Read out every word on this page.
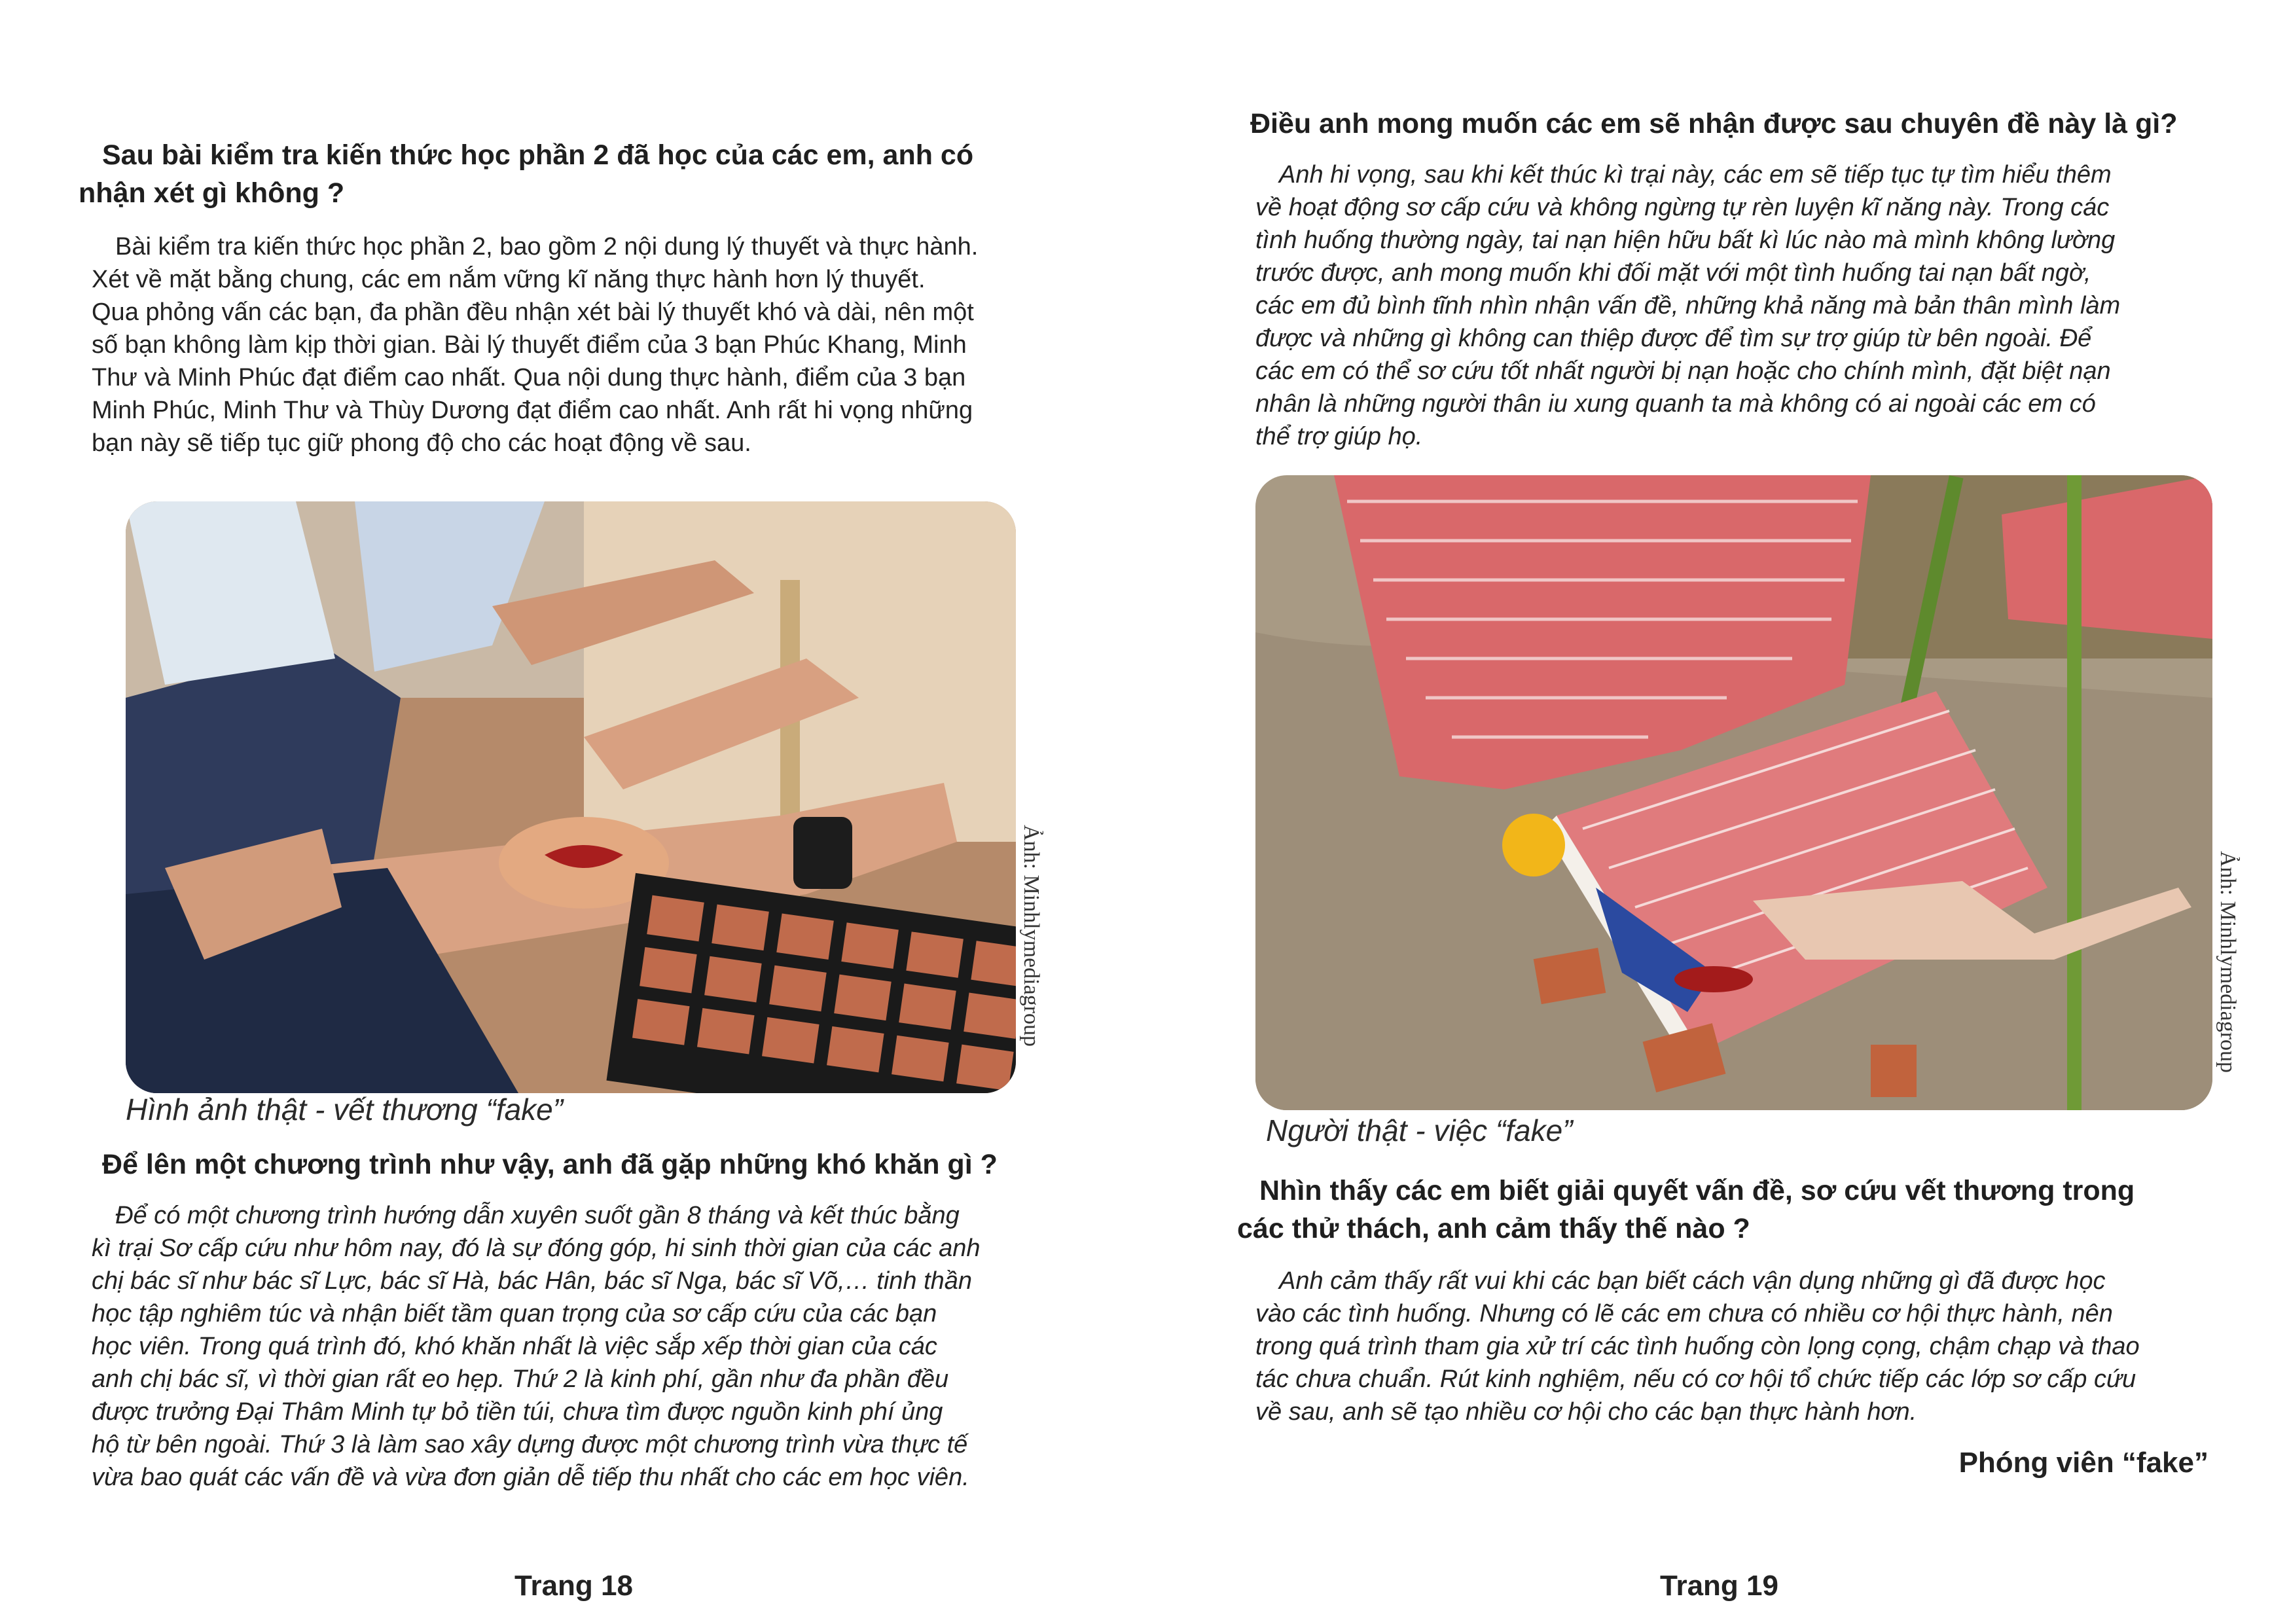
Sau bài kiểm tra kiến thức học phần 2 đã học của các em, anh có
nhận xét gì không ?

Bài kiểm tra kiến thức học phần 2, bao gồm 2 nội dung lý thuyết và thực hành.
Xét về mặt bằng chung, các em nắm vững kĩ năng thực hành hơn lý thuyết.
Qua phỏng vấn các bạn, đa phần đều nhận xét bài lý thuyết khó và dài, nên một
số bạn không làm kịp thời gian. Bài lý thuyết điểm của 3 bạn Phúc Khang, Minh
Thư và Minh Phúc đạt điểm cao nhất. Qua nội dung thực hành, điểm của 3 bạn
Minh Phúc, Minh Thư và Thùy Dương đạt điểm cao nhất. Anh rất hi vọng những
bạn này sẽ tiếp tục giữ phong độ cho các hoạt động về sau.

Ảnh: Minhlymediagroup
Hình ảnh thật - vết thương “fake”
Để lên một chương trình như vậy, anh đã gặp những khó khăn gì ?

Để có một chương trình hướng dẫn xuyên suốt gần 8 tháng và kết thúc bằng
kì trại Sơ cấp cứu như hôm nay, đó là sự đóng góp, hi sinh thời gian của các anh
chị bác sĩ như bác sĩ Lực, bác sĩ Hà, bác Hân, bác sĩ Nga, bác sĩ Võ,… tinh thần
học tập nghiêm túc và nhận biết tầm quan trọng của sơ cấp cứu của các bạn
học viên. Trong quá trình đó, khó khăn nhất là việc sắp xếp thời gian của các
anh chị bác sĩ, vì thời gian rất eo hẹp. Thứ 2 là kinh phí, gần như đa phần đều
được trưởng Đại Thâm Minh tự bỏ tiền túi, chưa tìm được nguồn kinh phí ủng
hộ từ bên ngoài. Thứ 3 là làm sao xây dựng được một chương trình vừa thực tế
vừa bao quát các vấn đề và vừa đơn giản dễ tiếp thu nhất cho các em học viên.

Trang 18
Điều anh mong muốn các em sẽ nhận được sau chuyên đề này là gì?

Anh hi vọng, sau khi kết thúc kì trại này, các em sẽ tiếp tục tự tìm hiểu thêm
về hoạt động sơ cấp cứu và không ngừng tự rèn luyện kĩ năng này. Trong các
tình huống thường ngày, tai nạn hiện hữu bất kì lúc nào mà mình không lường
trước được, anh mong muốn khi đối mặt với một tình huống tai nạn bất ngờ,
các em đủ bình tĩnh nhìn nhận vấn đề, những khả năng mà bản thân mình làm
được và những gì không can thiệp được để tìm sự trợ giúp từ bên ngoài. Để
các em có thể sơ cứu tốt nhất người bị nạn hoặc cho chính mình, đặt biệt nạn
nhân là những người thân iu xung quanh ta mà không có ai ngoài các em có
thể trợ giúp họ.

Ảnh: Minhlymediagroup
Người thật - việc “fake”
Nhìn thấy các em biết giải quyết vấn đề, sơ cứu vết thương trong
các thử thách, anh cảm thấy thế nào ?

Anh cảm thấy rất vui khi các bạn biết cách vận dụng những gì đã được học
vào các tình huống. Nhưng có lẽ các em chưa có nhiều cơ hội thực hành, nên
trong quá trình tham gia xử trí các tình huống còn lọng cọng, chậm chạp và thao
tác chưa chuẩn. Rút kinh nghiệm, nếu có cơ hội tổ chức tiếp các lớp sơ cấp cứu
về sau, anh sẽ tạo nhiều cơ hội cho các bạn thực hành hơn.

Phóng viên “fake”
Trang 19
